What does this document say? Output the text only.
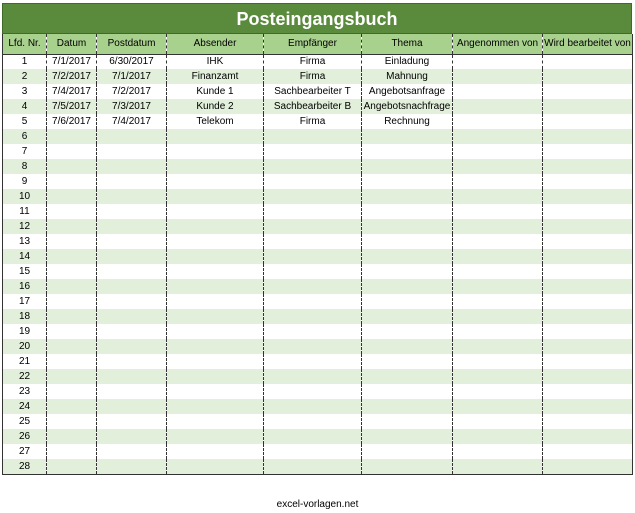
Posteingangsbuch
Lfd. Nr.	Datum	Postdatum	Absender	Empfänger	Thema	Angenommen von	Wird bearbeitet von
1	7/1/2017	6/30/2017	IHK	Firma	Einladung		
2	7/2/2017	7/1/2017	Finanzamt	Firma	Mahnung		
3	7/4/2017	7/2/2017	Kunde 1	Sachbearbeiter T	Angebotsanfrage		
4	7/5/2017	7/3/2017	Kunde 2	Sachbearbeiter B	Angebotsnachfrage		
5	7/6/2017	7/4/2017	Telekom	Firma	Rechnung		
6							
7							
8							
9							
10							
11							
12							
13							
14							
15							
16							
17							
18							
19							
20							
21							
22							
23							
24							
25							
26							
27							
28							
excel-vorlagen.net
